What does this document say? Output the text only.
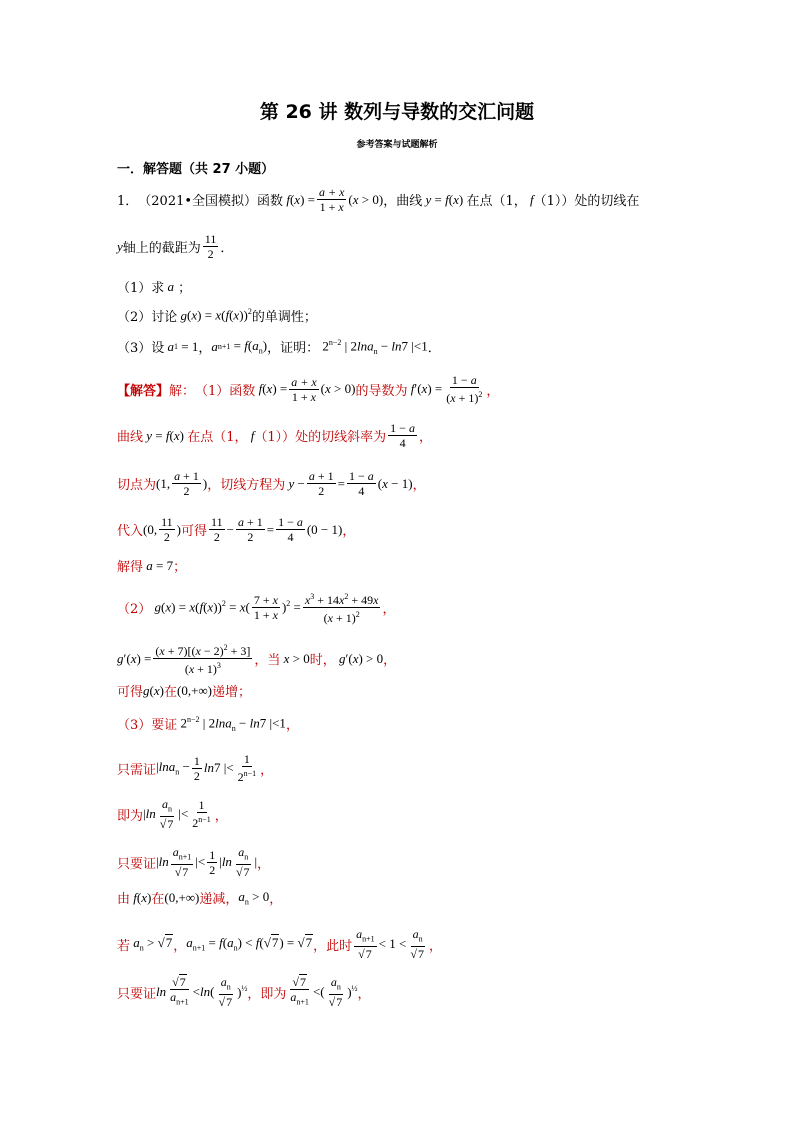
第 26 讲 数列与导数的交汇问题
参考答案与试题解析
一．解答题（共 27 小题）
1． （2021•全国模拟） 函数 f ( x ) = $\frac{a + x}{1 + x} (x > 0)$ ，曲线 y = f (x) 在点（1， f （1））处的切线在
y 轴上的截距为 $\frac{11}{2}$ ．
（1）求 a ；
（2）讨论 g $(x) = x(f(x))^2$ 的单调性；
（3）设 a 1 = 1 ， a $n+1 = f(a_n)$ ，证明： $2^{n-2}$ | 2lna$_n$ − ln7 |<1 ．
【解答】 解： （1）函数 $f(x) = \frac{a + x}{1 + x} (x > 0)$ 的导数为 $f'(x) = \frac{1 - a}{(x + 1)^2}$ ，
曲线 y = f(x) 在点（1， f （1））处的切线斜率为 $\frac{1 - a}{4}$ ，
切点为 (1, $\frac{a + 1}{2}$ ) ，切线方程为 $y - \frac{a + 1}{2} = \frac{1 - a}{4} (x - 1)$ ，
代入 (0, $\frac{11}{2}$ ) 可得 $\frac{11}{2} - \frac{a + 1}{2} = \frac{1 - a}{4} (0 - 1)$ ，
解得 a = 7 ；
（2） $g(x) = x(f(x))^2 = x( \frac{7 + x}{1 + x} )^2 = \frac{x^3 + 14x^2 + 49x}{(x + 1)^2}$ ，
$g'(x) = \frac{(x + 7)[(x - 2)^2 + 3]}{(x + 1)^3}$ ，当 x > 0 时， g′(x) > 0 ，
可得 g(x) 在 (0,+∞) 递增；
（3）要证 $2^{n-2}$ | 2lna$_n$ − ln7 |<1 ，
只需证 $|\ln a_n - \frac{1}{2} \ln 7$ |< $\frac{1}{2^{n-1}}$ ，
即为 $|\ln \frac{a_n}{√7}$ |< $\frac{1}{2^{n-1}}$ ，
只要证 $|\ln \frac{a_{n+1}}{√7}$ |< $\frac{1}{2} |\ln \frac{a_n}{√7}$ | ，
由 f(x) 在 (0,+∞) 递减， $a_n > 0$ ，
若 $a_n > √7$ ， $a_{n+1} = f(a_n) < f(√7) = √7$ ，此时 $\frac{a_{n+1}}{√7} < 1 < \frac{a_n}{√7}$ ，
只要证 $\ln \frac{√7}{a_{n+1}} <\ln( \frac{a_n}{√7} )^{\frac{1}{2}}$ ，即为 $\frac{√7}{a_{n+1}}$ <( $\frac{a_n}{√7} )^{\frac{1}{2}}$ ，
